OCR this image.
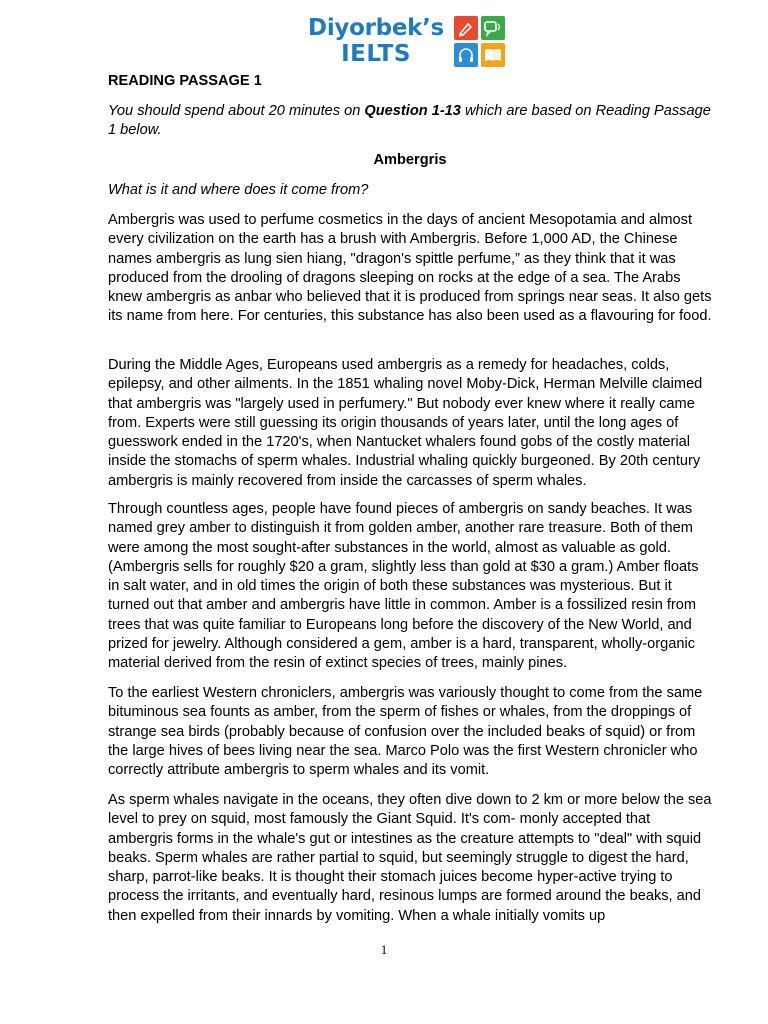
Diyorbek’s
IELTS
READING PASSAGE 1
You should spend about 20 minutes on Question 1-13 which are based on Reading Passage 1 below.
Ambergris
What is it and where does it come from?

Ambergris was used to perfume cosmetics in the days of ancient Mesopotamia and almost every civilization on the earth has a brush with Ambergris. Before 1,000 AD, the Chinese names ambergris as lung sien hiang, "dragon's spittle perfume,” as they think that it was produced from the drooling of dragons sleeping on rocks at the edge of a sea. The Arabs knew ambergris as anbar who believed that it is produced from springs near seas. It also gets its name from here. For centuries, this substance has also been used as a flavouring for food.

During the Middle Ages, Europeans used ambergris as a remedy for headaches, colds, epilepsy, and other ailments. In the 1851 whaling novel Moby-Dick, Herman Melville claimed that ambergris was "largely used in perfumery." But nobody ever knew where it really came from. Experts were still guessing its origin thousands of years later, until the long ages of guesswork ended in the 1720's, when Nantucket whalers found gobs of the costly material inside the stomachs of sperm whales. Industrial whaling quickly burgeoned. By 20th century ambergris is mainly recovered from inside the carcasses of sperm whales.

Through countless ages, people have found pieces of ambergris on sandy beaches. It was named grey amber to distinguish it from golden amber, another rare treasure. Both of them were among the most sought-after substances in the world, almost as valuable as gold. (Ambergris sells for roughly $20 a gram, slightly less than gold at $30 a gram.) Amber floats in salt water, and in old times the origin of both these substances was mysterious. But it turned out that amber and ambergris have little in common. Amber is a fossilized resin from trees that was quite familiar to Europeans long before the discovery of the New World, and prized for jewelry. Although considered a gem, amber is a hard, transparent, wholly-organic material derived from the resin of extinct species of trees, mainly pines.

To the earliest Western chroniclers, ambergris was variously thought to come from the same bituminous sea founts as amber, from the sperm of fishes or whales, from the droppings of strange sea birds (probably because of confusion over the included beaks of squid) or from the large hives of bees living near the sea. Marco Polo was the first Western chronicler who correctly attribute ambergris to sperm whales and its vomit.

As sperm whales navigate in the oceans, they often dive down to 2 km or more below the sea level to prey on squid, most famously the Giant Squid. It's com- monly accepted that ambergris forms in the whale's gut or intestines as the creature attempts to "deal" with squid beaks. Sperm whales are rather partial to squid, but seemingly struggle to digest the hard, sharp, parrot-like beaks. It is thought their stomach juices become hyper-active trying to process the irritants, and eventually hard, resinous lumps are formed around the beaks, and then expelled from their innards by vomiting. When a whale initially vomits up

1
